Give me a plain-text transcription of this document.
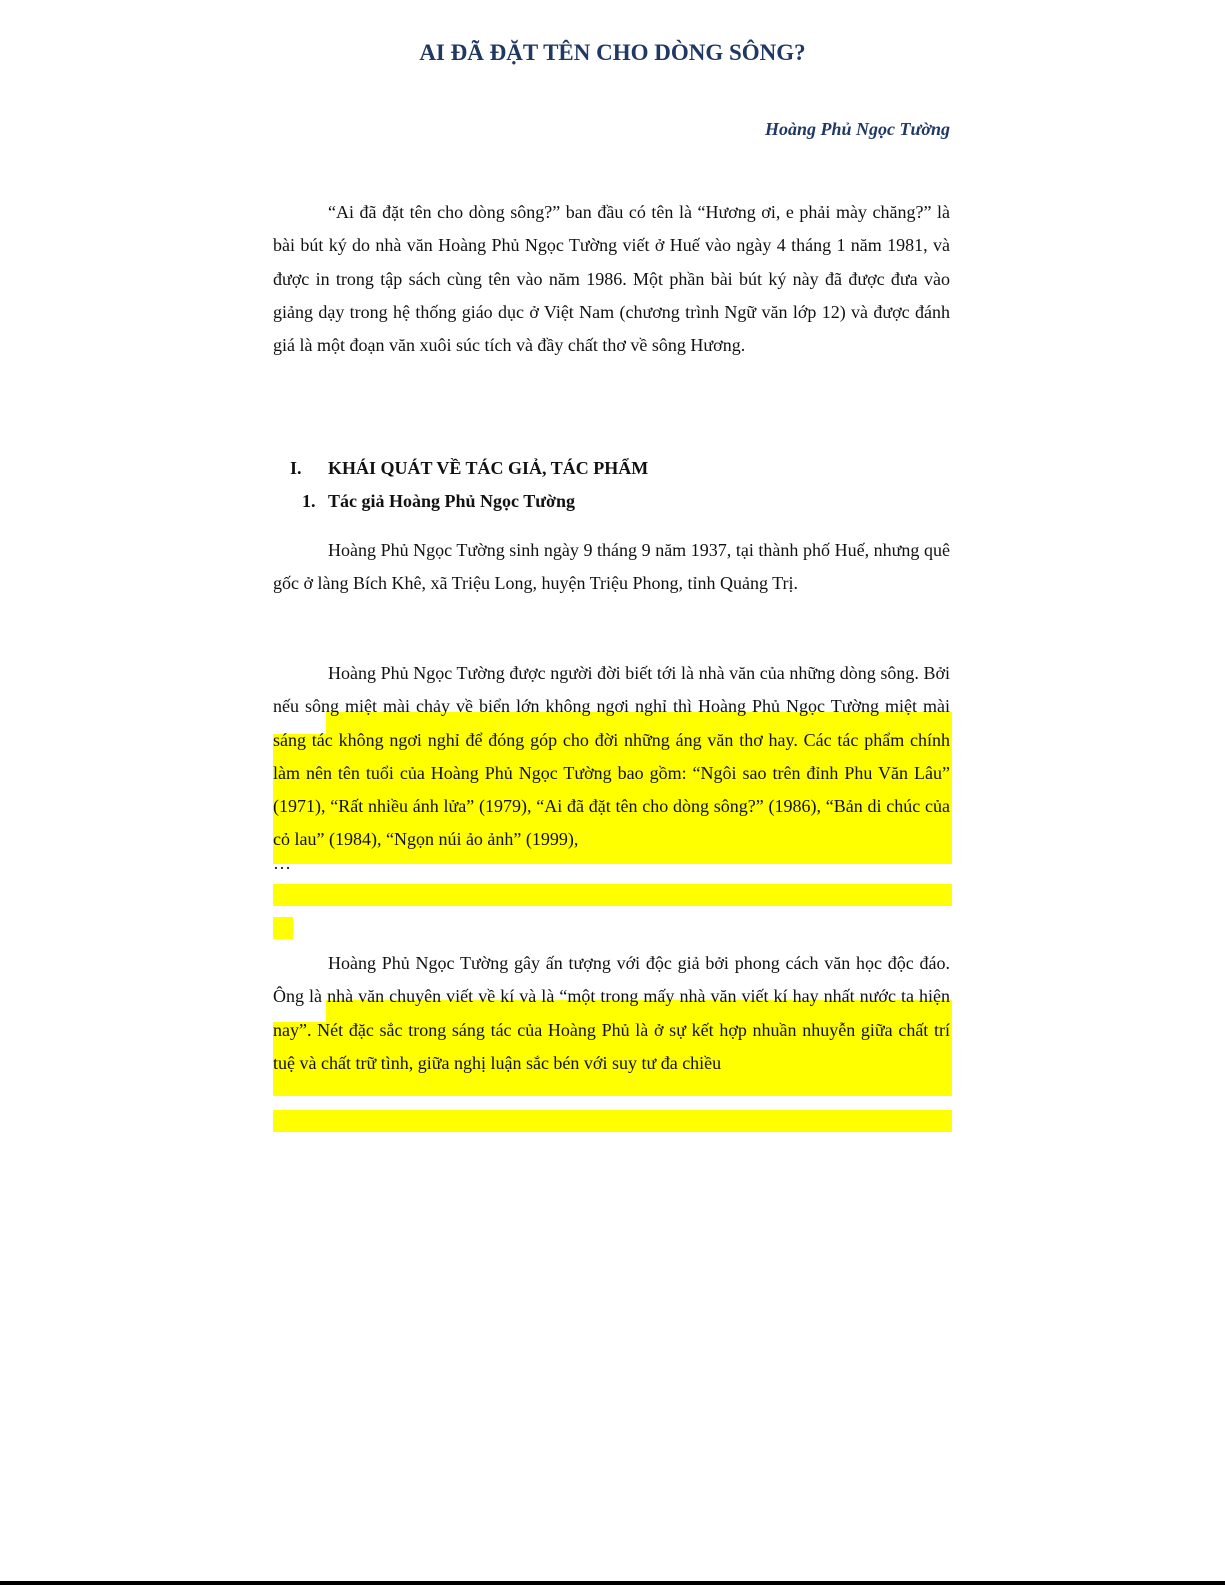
AI ĐÃ ĐẶT TÊN CHO DÒNG SÔNG?
Hoàng Phủ Ngọc Tường

“Ai đã đặt tên cho dòng sông?” ban đầu có tên là “Hương ơi, e phải mày chăng?” là bài bút ký do nhà văn Hoàng Phủ Ngọc Tường viết ở Huế vào ngày 4 tháng 1 năm 1981, và được in trong tập sách cùng tên vào năm 1986. Một phần bài bút ký này đã được đưa vào giảng dạy trong hệ thống giáo dục ở Việt Nam (chương trình Ngữ văn lớp 12) và được đánh giá là một đoạn văn xuôi súc tích và đầy chất thơ về sông Hương.

I. KHÁI QUÁT VỀ TÁC GIẢ, TÁC PHẨM
1. Tác giả Hoàng Phủ Ngọc Tường

Hoàng Phủ Ngọc Tường sinh ngày 9 tháng 9 năm 1937, tại thành phố Huế, nhưng quê gốc ở làng Bích Khê, xã Triệu Long, huyện Triệu Phong, tỉnh Quảng Trị.

Hoàng Phủ Ngọc Tường được người đời biết tới là nhà văn của những dòng sông. Bởi nếu sông miệt mài chảy về biển lớn không ngơi nghỉ thì Hoàng Phủ Ngọc Tường miệt mài sáng tác không ngơi nghỉ để đóng góp cho đời những áng văn thơ hay. Các tác phẩm chính làm nên tên tuổi của Hoàng Phủ Ngọc Tường bao gồm: “Ngôi sao trên đỉnh Phu Văn Lâu” (1971), “Rất nhiều ánh lửa” (1979), “Ai đã đặt tên cho dòng sông?” (1986), “Bản di chúc của cỏ lau” (1984), “Ngọn núi ảo ảnh” (1999),

…

Hoàng Phủ Ngọc Tường gây ấn tượng với độc giả bởi phong cách văn học độc đáo. Ông là nhà văn chuyên viết về kí và là “một trong mấy nhà văn viết kí hay nhất nước ta hiện nay”. Nét đặc sắc trong sáng tác của Hoàng Phủ là ở sự kết hợp nhuần nhuyễn giữa chất trí tuệ và chất trữ tình, giữa nghị luận sắc bén với suy tư đa chiều
